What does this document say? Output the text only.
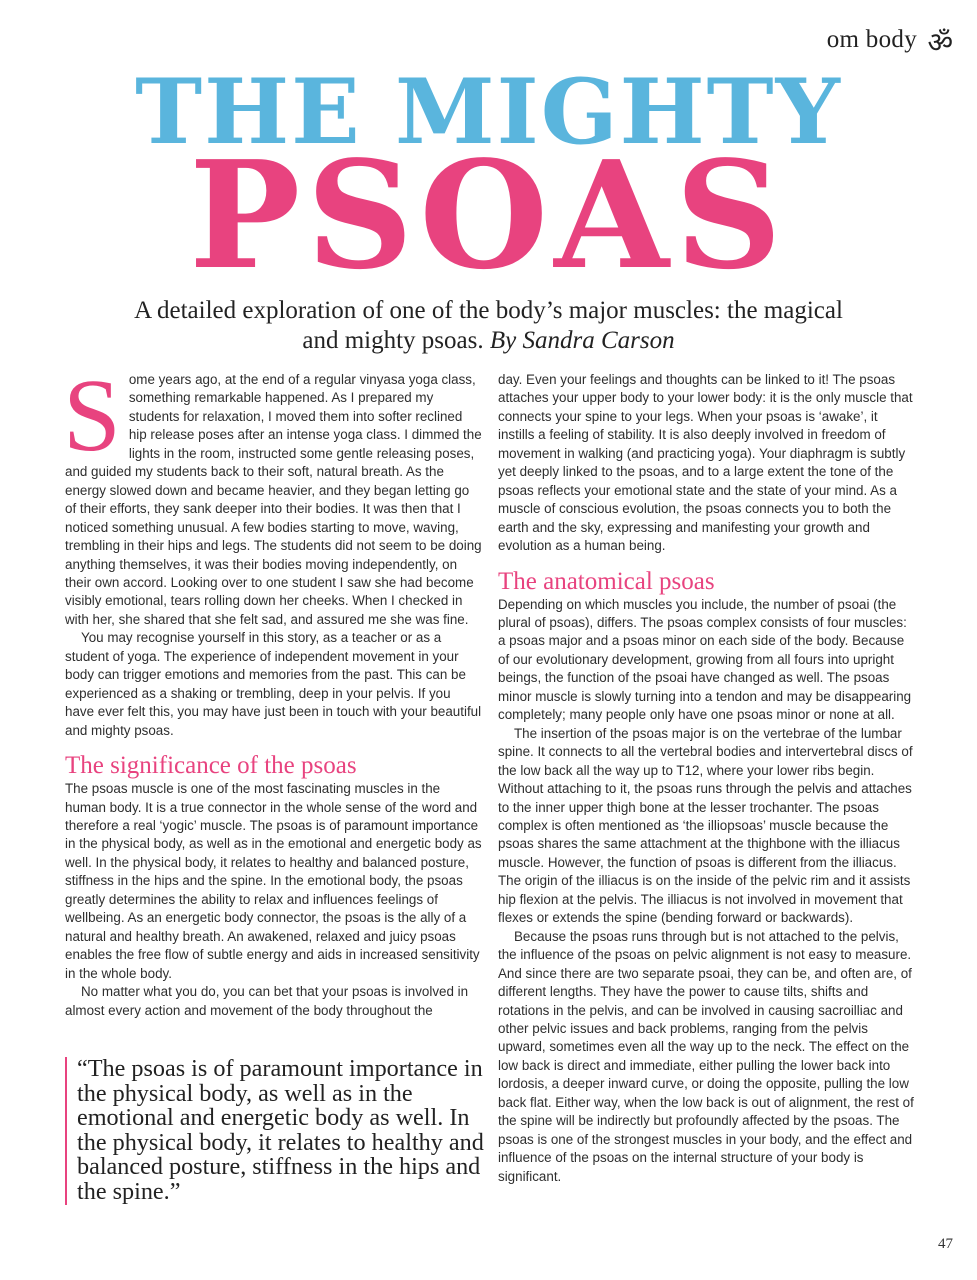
om body ॐ
THE MIGHTY
PSOAS
A detailed exploration of one of the body’s major muscles: the magical and mighty psoas. By Sandra Carson

Some years ago, at the end of a regular vinyasa yoga class, something remarkable happened. As I prepared my students for relaxation, I moved them into softer reclined hip release poses after an intense yoga class. I dimmed the lights in the room, instructed some gentle releasing poses, and guided my students back to their soft, natural breath. As the energy slowed down and became heavier, and they began letting go of their efforts, they sank deeper into their bodies. It was then that I noticed something unusual. A few bodies starting to move, waving, trembling in their hips and legs. The students did not seem to be doing anything themselves, it was their bodies moving independently, on their own accord. Looking over to one student I saw she had become visibly emotional, tears rolling down her cheeks. When I checked in with her, she shared that she felt sad, and assured me she was fine.

You may recognise yourself in this story, as a teacher or as a student of yoga. The experience of independent movement in your body can trigger emotions and memories from the past. This can be experienced as a shaking or trembling, deep in your pelvis. If you have ever felt this, you may have just been in touch with your beautiful and mighty psoas.

The significance of the psoas

The psoas muscle is one of the most fascinating muscles in the human body. It is a true connector in the whole sense of the word and therefore a real ‘yogic’ muscle. The psoas is of paramount importance in the physical body, as well as in the emotional and energetic body as well. In the physical body, it relates to healthy and balanced posture, stiffness in the hips and the spine. In the emotional body, the psoas greatly determines the ability to relax and influences feelings of wellbeing. As an energetic body connector, the psoas is the ally of a natural and healthy breath. An awakened, relaxed and juicy psoas enables the free flow of subtle energy and aids in increased sensitivity in the whole body.

No matter what you do, you can bet that your psoas is involved in almost every action and movement of the body throughout the

“The psoas is of paramount importance in the physical body, as well as in the emotional and energetic body as well. In the physical body, it relates to healthy and balanced posture, stiffness in the hips and the spine.”

day. Even your feelings and thoughts can be linked to it! The psoas attaches your upper body to your lower body: it is the only muscle that connects your spine to your legs. When your psoas is ‘awake’, it instills a feeling of stability. It is also deeply involved in freedom of movement in walking (and practicing yoga). Your diaphragm is subtly yet deeply linked to the psoas, and to a large extent the tone of the psoas reflects your emotional state and the state of your mind. As a muscle of conscious evolution, the psoas connects you to both the earth and the sky, expressing and manifesting your growth and evolution as a human being.

The anatomical psoas

Depending on which muscles you include, the number of psoai (the plural of psoas), differs. The psoas complex consists of four muscles: a psoas major and a psoas minor on each side of the body. Because of our evolutionary development, growing from all fours into upright beings, the function of the psoai have changed as well. The psoas minor muscle is slowly turning into a tendon and may be disappearing completely; many people only have one psoas minor or none at all.

The insertion of the psoas major is on the vertebrae of the lumbar spine. It connects to all the vertebral bodies and intervertebral discs of the low back all the way up to T12, where your lower ribs begin. Without attaching to it, the psoas runs through the pelvis and attaches to the inner upper thigh bone at the lesser trochanter. The psoas complex is often mentioned as ‘the illiopsoas’ muscle because the psoas shares the same attachment at the thighbone with the illiacus muscle. However, the function of psoas is different from the illiacus. The origin of the illiacus is on the inside of the pelvic rim and it assists hip flexion at the pelvis. The illiacus is not involved in movement that flexes or extends the spine (bending forward or backwards).

Because the psoas runs through but is not attached to the pelvis, the influence of the psoas on pelvic alignment is not easy to measure. And since there are two separate psoai, they can be, and often are, of different lengths. They have the power to cause tilts, shifts and rotations in the pelvis, and can be involved in causing sacroilliac and other pelvic issues and back problems, ranging from the pelvis upward, sometimes even all the way up to the neck. The effect on the low back is direct and immediate, either pulling the lower back into lordosis, a deeper inward curve, or doing the opposite, pulling the low back flat. Either way, when the low back is out of alignment, the rest of the spine will be indirectly but profoundly affected by the psoas. The psoas is one of the strongest muscles in your body, and the effect and influence of the psoas on the internal structure of your body is significant.

47
